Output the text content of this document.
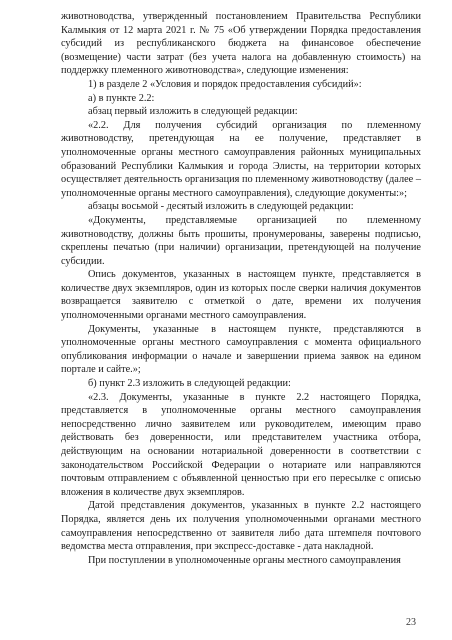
животноводства, утвержденный постановлением Правительства Республики Калмыкия от 12 марта 2021 г. № 75 «Об утверждении Порядка предоставления субсидий из республиканского бюджета на финансовое обеспечение (возмещение) части затрат (без учета налога на добавленную стоимость) на поддержку племенного животноводства», следующие изменения:

1) в разделе 2 «Условия и порядок предоставления субсидий»:

а) в пункте 2.2:

абзац первый изложить в следующей редакции:

«2.2. Для получения субсидий организация по племенному животноводству, претендующая на ее получение, представляет в уполномоченные органы местного самоуправления районных муниципальных образований Республики Калмыкия и города Элисты, на территории которых осуществляет деятельность организация по племенному животноводству (далее – уполномоченные органы местного самоуправления), следующие документы:»;

абзацы восьмой - десятый изложить в следующей редакции:

«Документы, представляемые организацией по племенному животноводству, должны быть прошиты, пронумерованы, заверены подписью, скреплены печатью (при наличии) организации, претендующей на получение субсидии.

Опись документов, указанных в настоящем пункте, представляется в количестве двух экземпляров, один из которых после сверки наличия документов возвращается заявителю с отметкой о дате, времени их получения уполномоченными органами местного самоуправления.

Документы, указанные в настоящем пункте, представляются в уполномоченные органы местного самоуправления с момента официального опубликования информации о начале и завершении приема заявок на едином портале и сайте.»;

б) пункт 2.3 изложить в следующей редакции:

«2.3. Документы, указанные в пункте 2.2 настоящего Порядка, представляется в уполномоченные органы местного самоуправления непосредственно лично заявителем или руководителем, имеющим право действовать без доверенности, или представителем участника отбора, действующим на основании нотариальной доверенности в соответствии с законодательством Российской Федерации о нотариате или направляются почтовым отправлением с объявленной ценностью при его пересылке с описью вложения в количестве двух экземпляров.

Датой представления документов, указанных в пункте 2.2 настоящего Порядка, является день их получения уполномоченными органами местного самоуправления непосредственно от заявителя либо дата штемпеля почтового ведомства места отправления, при экспресс-доставке - дата накладной.

При поступлении в уполномоченные органы местного самоуправления

23
